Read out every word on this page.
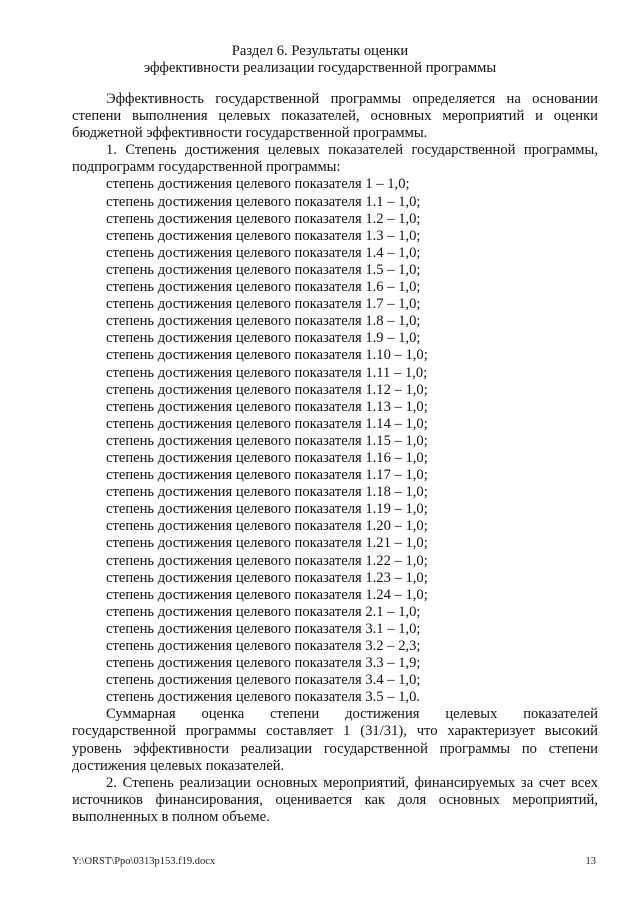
Раздел 6. Результаты оценки
эффективности реализации государственной программы

Эффективность государственной программы определяется на основании степени выполнения целевых показателей, основных мероприятий и оценки бюджетной эффективности государственной программы.

1. Степень достижения целевых показателей государственной программы, подпрограмм государственной программы:

степень достижения целевого показателя 1 – 1,0;
степень достижения целевого показателя 1.1 – 1,0;
степень достижения целевого показателя 1.2 – 1,0;
степень достижения целевого показателя 1.3 – 1,0;
степень достижения целевого показателя 1.4 – 1,0;
степень достижения целевого показателя 1.5 – 1,0;
степень достижения целевого показателя 1.6 – 1,0;
степень достижения целевого показателя 1.7 – 1,0;
степень достижения целевого показателя 1.8 – 1,0;
степень достижения целевого показателя 1.9 – 1,0;
степень достижения целевого показателя 1.10 – 1,0;
степень достижения целевого показателя 1.11 – 1,0;
степень достижения целевого показателя 1.12 – 1,0;
степень достижения целевого показателя 1.13 – 1,0;
степень достижения целевого показателя 1.14 – 1,0;
степень достижения целевого показателя 1.15 – 1,0;
степень достижения целевого показателя 1.16 – 1,0;
степень достижения целевого показателя 1.17 – 1,0;
степень достижения целевого показателя 1.18 – 1,0;
степень достижения целевого показателя 1.19 – 1,0;
степень достижения целевого показателя 1.20 – 1,0;
степень достижения целевого показателя 1.21 – 1,0;
степень достижения целевого показателя 1.22 – 1,0;
степень достижения целевого показателя 1.23 – 1,0;
степень достижения целевого показателя 1.24 – 1,0;
степень достижения целевого показателя 2.1 – 1,0;
степень достижения целевого показателя 3.1 – 1,0;
степень достижения целевого показателя 3.2 – 2,3;
степень достижения целевого показателя 3.3 – 1,9;
степень достижения целевого показателя 3.4 – 1,0;
степень достижения целевого показателя 3.5 – 1,0.
Суммарная оценка степени достижения целевых показателей

государственной программы составляет 1 (31/31), что характеризует высокий уровень эффективности реализации государственной программы по степени достижения целевых показателей.

2. Степень реализации основных мероприятий, финансируемых за счет всех источников финансирования, оценивается как доля основных мероприятий, выполненных в полном объеме.

Y:\ORST\Ppo\0313p153.f19.docx	13
